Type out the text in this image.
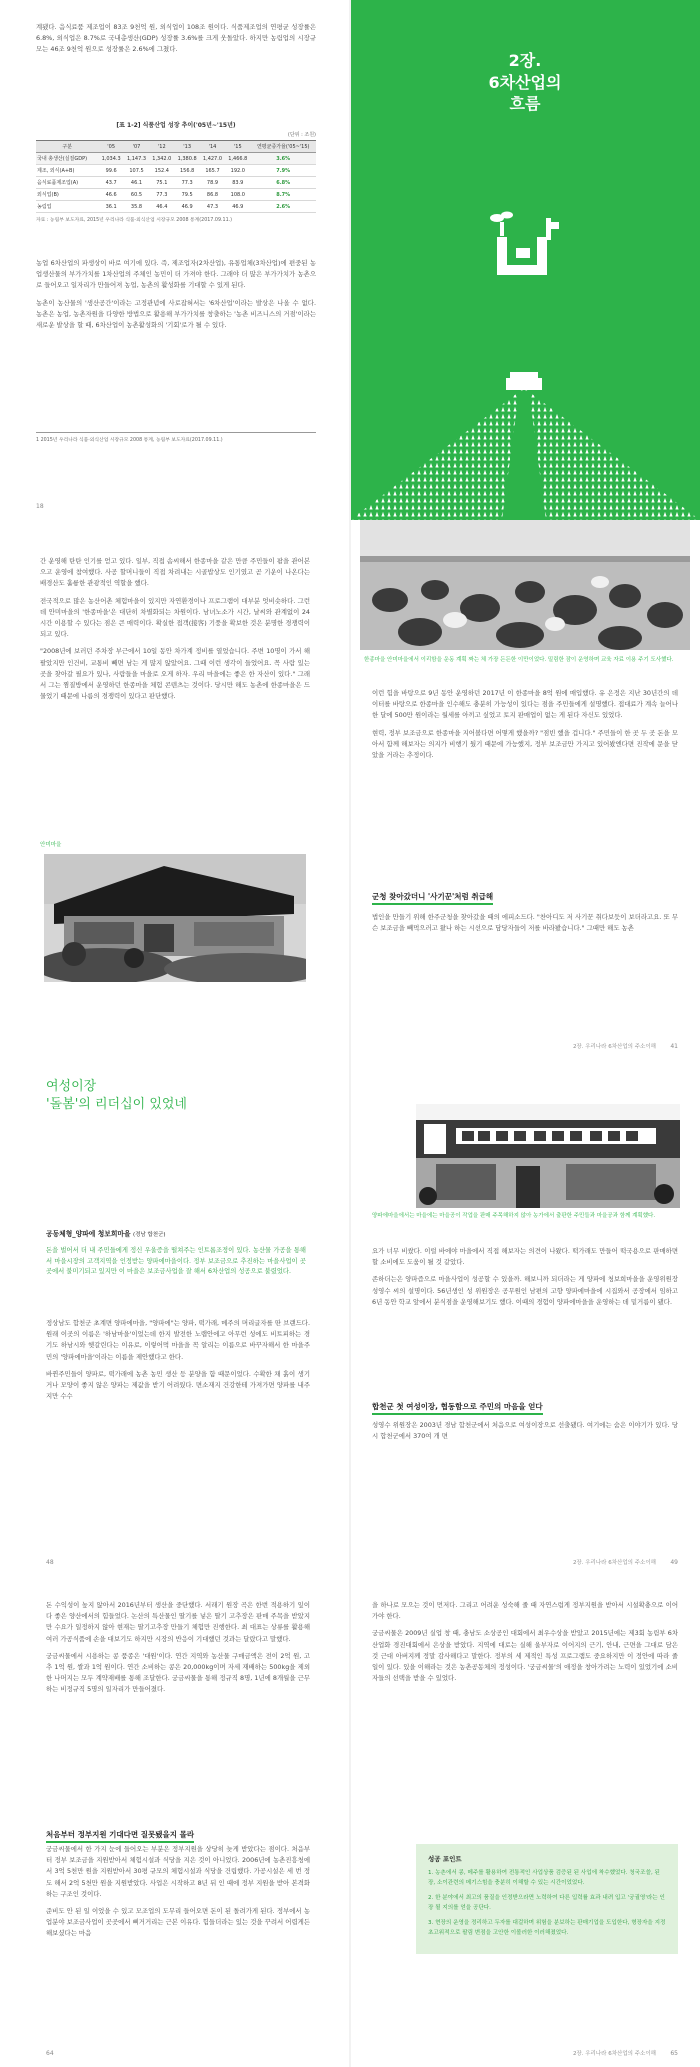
계됐다. 음식료품 제조업이 83조 9천억 원, 외식업이 108조 원이다. 식품제조업의 연평균 성장률은 6.8%, 외식업은 8.7%로 국내총생산(GDP) 성장률 3.6%를 크게 웃돌았다. 하지만 농림업의 시장규모는 46조 9천억 원으로 성장률은 2.6%에 그쳤다.

[표 1-2] 식품산업 성장 추이('05년~'15년)
(단위 : 조원)
구분	'05	'07	'12	'13	'14	'15	연평균증가율('05~'15)
국내 총생산(실질GDP)	1,034.3	1,147.3	1,342.0	1,380.8	1,427.0	1,466.8	3.6%
제조, 외식(A+B)	99.6	107.5	152.4	156.8	165.7	192.0	7.9%
음식료품제조업(A)	43.7	46.1	75.1	77.3	78.9	83.9	6.8%
외식업(B)	46.6	60.5	77.3	79.5	86.8	108.0	8.7%
농림업	36.1	35.8	46.4	46.9	47.3	46.9	2.6%
자료 : 농림부 보도자료, 2015년 우리나라 식품·외식산업 시장규모 2008 통계(2017.09.11.)

농업 6차산업의 파생상이 바로 여기에 있다. 즉, 제조업자(2차산업), 유통업체(3차산업)에 편중된 농업생산물의 부가가치를 1차산업의 주체인 농민이 더 가져야 한다. 그래야 더 많은 부가가치가 농촌으로 들어오고 일자리가 만들어져 농업, 농촌의 활성화를 기대할 수 있게 된다.

농촌이 농산물의 '생산공간'이라는 고정관념에 사로잡혀서는 '6차산업'이라는 발상은 나올 수 없다. 농촌은 농업, 농촌자원을 다양한 방법으로 활용해 부가가치를 창출하는 '농촌 비즈니스의 거점'이라는 새로운 발상을 할 때, 6차산업이 농촌활성화의 '기회'로가 될 수 있다.

1 2015년 우리나라 식품·외식산업 시장규모 2008 통계, 농림부 보도자료(2017.09.11.)
18
2장.
6차산업의
흐름

간 운영해 탄탄 인기를 얻고 있다. 일부, 직접 솜씨해서 한종마을 같은 만큼 주민들이 팜을 관어본으고 운영에 참여했다. 사공 할머니들이 직접 차려내는 시골밥상도 인기였고 곧 기운이 나온다는 배경산도 훌륭한 관광적인 역할을 했다.

전국적으로 많은 농산어촌 체험마을이 있지만 자연환경이나 프로그램이 대부분 엇비슷하다. 그런데 안미마을의 '한종마을'은 대단히 차별화되는 차원이다. 남녀노소가 시간, 날씨와 관계없이 24시간 이용할 수 있다는 점은 큰 매력이다. 확실한 접객(接客) 기풍을 확보한 것은 분명한 경쟁력이 되고 있다.

"2008년에 보러던 주차장 부근에서 10일 동안 차가계 정비를 열었습니다. 주변 10명이 가서 해 팔았지만 인건비, 교통비 빼면 남는 게 많지 않았어요. 그때 이런 생각이 들었어요. 꼭 사람 있는 곳을 찾아갈 필요가 있나, 사람들을 마을로 오게 하자. 우리 마을에는 좋은 한 자산이 있다." 그래서 그는 찜질방에서 운영하던 한종마을 체험 콘텐츠는 것이다. 당시만 해도 농촌에 한종마을은 드물었기 때문에 나름의 경쟁력이 있다고 판단했다.

안미마을
한종마을 안미마을에서 이리함을 운동 계획 짜는 체 가장 든든한 이만이었다. 밀림한 잠이 운영하며 교육 자료 이용 주기 도사했다.

이런 힘을 바탕으로 9년 동안 운영하던 2017년 이 한종마을 8억 원에 매입했다. 유 은정은 지난 30년간의 데이터를 바탕으로 한종마을 인수해도 충분히 가능성이 있다는 점을 주민들에게 설명했다. 접대료가 계속 늘어나 한 달에 500만 원이라는 월세를 아끼고 싶었고 토지 판매업이 없는 게 된다 자신도 있었다.

현력, 정부 보조금으로 한종마을 지어볼다면 어떻게 했을까? "점빈 했을 겁니다." 주민들이 한 곳 두 곳 돈을 모아서 함께 해보자는 의지가 비행기 뒀기 때문에 가능했지, 정부 보조금만 가지고 있어봤엔다면 진작에 문을 닫았을 거라는 추정이다.

군청 찾아갔더니 '사기꾼'처럼 취급해

법인을 만들기 위해 한주군청을 찾아갔을 때의 에피소드다. "찬아디도 저 사기꾼 취다보듯이 보더라고요. 또 무슨 보조금을 빼먹으러고 왔나 하는 시선으로 담당자들이 저를 바라봤습니다." 그때만 해도 농촌

2장. 우리나라 6차산업의 주소이해 41
여성이장
'돌봄'의 리더십이 있었네
공동체형_양파에 청보희마을 (경남 합천군)
돈을 벌어서 더 내 주민들에게 정신 우울증을 떨쳐주는 인트롭조정이 있다. 농산물 가공을 통해서 마을시장의 고객지역을 인정받는 양파에마을이다. 정부 보조금으로 추진하는 마을사업이 곳곳에서 불미기되고 있지만 이 마을은 보조금사업을 잘 해서 6차산업의 성공으로 불렸었다.

정상남도 합천군 초계면 양파에마을, "양파에"는 양파, 떡가래, 메주의 머리글자를 딴 브랜드다. 원래 이곳의 이름은 '하남마을'이었는데 한지 발전한 노랩안에고 아무런 성에도 비트피하는 경기도 하남시와 헷갈린다는 이유로, 이렇어먹 마을을 꼭 알리는 이름으로 바꾸자해서 한 마을주민의 '양파에마을'이라는 이름을 제안했다고 한다.

바뀐주민들이 양파로, 떡가래에 농촌 농민 생산 등 분양을 함 때문이었다. 수확한 채 흙이 생기거나 모양이 좋지 않은 양파는 제값을 받기 어려웠다. 면소재지 건강한테 가져가면 양파를 내주지만 수수

48
양파에마을에서는 마을에는 마을공이 작업을 판매 주목해하지 않아 농가에서 출판한 주민들과 마을공과 함께 계획했다.

요가 너무 비쌌다. 이럴 바에야 마을에서 직접 해보자는 의견이 나왔다. 떡가래도 만들어 떡국용으로 판매하면 할 소비에도 도움이 될 것 같았다.

존하더는은 양파즙으로 마을사업이 성공할 수 있을까. 해보니까 되더라는 게 양파에 청보희마을을 운영위원장 성영수 씨의 설명이다. 56년생인 성 위원장은 공무원인 남편의 고향 양파에마을에 시집와서 공장에서 임하고 6년 동안 학교 앞에서 분식점을 운영해보기도 했다. 이때의 경험이 양파에마을을 운영하는 데 밑거름이 됐다.

합천군 첫 여성이장, 협동함으로 주민의 마음을 얻다

성영수 위원장은 2003년 경남 합천군에서 처음으로 여성이장으로 선출됐다. 여기에는 숨은 이야기가 있다. 당시 합천군에서 370여 개 면

2장. 우리나라 6차산업의 주소이해 49

돈 수익성이 높지 않아서 2016년부터 생산을 중단했다. 서래기 원장 곡은 한번 적용하기 잎이 다 좋은 양산에서의 힘들었다. 논산의 특산물인 딸기를 넣은 딸기 고추장은 판매 주목을 받았지만 수요가 일정하지 않아 현재는 딸기고추장 만들기 체험만 진행한다. 최 대표는 상류를 활용해 여러 가공식품에 손을 대보기도 하지만 시장의 반응이 기대했던 것과는 달랐다고 말했다.

궁금씨물에서 시용하는 콩 품종은 '대원'이다. 연간 지역와 농산물 구매금액은 전이 2억 원, 고추 1억 원, 쌀과 1억 원이다. 연간 소비하는 콩은 20,000kg이며 자세 재배하는 500kg을 제외한 나머지는 모두 계약재배를 통해 조달한다. 궁금씨물을 통해 정규직 8명, 1년에 8개월을 근무하는 비정규직 5명의 일자리가 만들어졌다.

처음부터 정부지원 기대다면 질못됐을지 몰라

궁금씨물에서 한 가지 눈에 들어오는 부분은 정부지원을 상당히 늦게 받았다는 점이다. 처음부터 정부 보조금을 지원받아서 체험시설과 식당을 지은 것이 아니었다. 2006년에 농촌진흥청에서 3억 5천만 원을 지원받아서 30평 규모의 체험시설과 식당을 건립했다. 가공시설은 세 번 정도 해서 2억 5천만 원을 지원받았다. 사업은 시작하고 8년 뒤 인 때에 정부 지원을 받아 본격화하는 구조인 것이다.

준비도 안 된 일 이었을 수 있고 모조업의 도무리 들어오면 돈이 된 돌려가게 된다. 정부에서 농업분야 보조금사업이 곳곳에서 삐거거리는 근본 이유다. 힘들더라는 있는 것을 꾸려서 어렵게든 해보셨다는 마음

64

을 하나로 모으는 것이 먼저다. 그리고 어려운 성숙해 줄 때 자연스럽게 정부지원을 받아서 시설확충으로 이어가야 한다.

궁금씨물은 2009년 실업 창 때, 충남도 소상공인 대회에서 최우수상을 받았고 2015년에는 제3회 농림부 6차산업화 경진대회에서 은상을 받았다. 지역에 대로는 실해 울부자로 이어지의 근기, 안내, 근면을 그대로 담은 것 근대 아버지께 정말 감사해다고 말한다. 정부의 세 제적인 특성 프로그램도 중요하지만 이 정안에 따라 줄 일이 있다. 있을 이해라는 것은 농촌공동체의 정성이다. '궁금씨물'의 애정을 창아가려는 노력이 있었기에 소비자들의 선택을 받을 수 있었다.

성공 포인트
1. 농촌에서 콩, 메주를 활용하여 전통적인 사업상품 검증된 된 사업에 착수했었다. 청국조쓸, 된장, 소이관련의 메기스힘을 충분히 이해할 수 있는 시간이었었다.
2. 한 분야에서 최고의 품질을 인정받으라면 노력하여 다른 입력률 효과 내려 입고 '궁궐영'라는 인장 될 지의를 얻을 공단다.
3. 현장의 운영을 정리하고 두자를 대걸하며 위험을 분보하는 판매기업을 도입한다, 형장자을 지정 초고위적으로 팔림 변점을 고안한 이볼러한 이러해졌었다.
2장. 우리나라 6차산업의 주소이해 65
